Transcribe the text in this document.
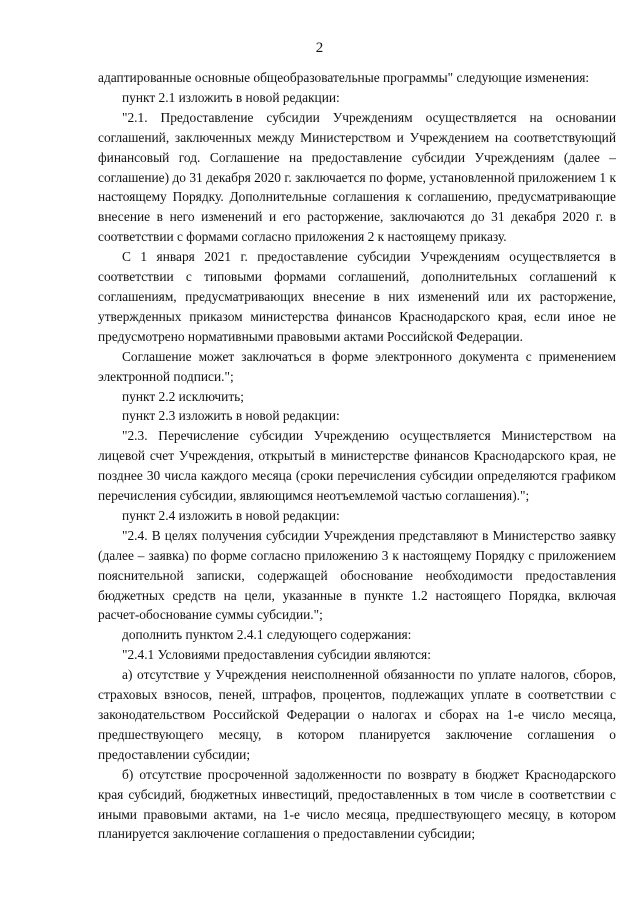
2

адаптированные основные общеобразовательные программы" следующие изменения:

пункт 2.1 изложить в новой редакции:

"2.1. Предоставление субсидии Учреждениям осуществляется на основании соглашений, заключенных между Министерством и Учреждением на соответствующий финансовый год. Соглашение на предоставление субсидии Учреждениям (далее – соглашение) до 31 декабря 2020 г. заключается по форме, установленной приложением 1 к настоящему Порядку. Дополнительные соглашения к соглашению, предусматривающие внесение в него изменений и его расторжение, заключаются до 31 декабря 2020 г. в соответствии с формами согласно приложения 2 к настоящему приказу.

С 1 января 2021 г. предоставление субсидии Учреждениям осуществляется в соответствии с типовыми формами соглашений, дополнительных соглашений к соглашениям, предусматривающих внесение в них изменений или их расторжение, утвержденных приказом министерства финансов Краснодарского края, если иное не предусмотрено нормативными правовыми актами Российской Федерации.

Соглашение может заключаться в форме электронного документа с применением электронной подписи.";

пункт 2.2 исключить;

пункт 2.3 изложить в новой редакции:

"2.3. Перечисление субсидии Учреждению осуществляется Министерством на лицевой счет Учреждения, открытый в министерстве финансов Краснодарского края, не позднее 30 числа каждого месяца (сроки перечисления субсидии определяются графиком перечисления субсидии, являющимся неотъемлемой частью соглашения).";

пункт 2.4 изложить в новой редакции:

"2.4. В целях получения субсидии Учреждения представляют в Министерство заявку (далее – заявка) по форме согласно приложению 3 к настоящему Порядку с приложением пояснительной записки, содержащей обоснование необходимости предоставления бюджетных средств на цели, указанные в пункте 1.2 настоящего Порядка, включая расчет-обоснование суммы субсидии.";

дополнить пунктом 2.4.1 следующего содержания:

"2.4.1 Условиями предоставления субсидии являются:

а) отсутствие у Учреждения неисполненной обязанности по уплате налогов, сборов, страховых взносов, пеней, штрафов, процентов, подлежащих уплате в соответствии с законодательством Российской Федерации о налогах и сборах на 1-е число месяца, предшествующего месяцу, в котором планируется заключение соглашения о предоставлении субсидии;

б) отсутствие просроченной задолженности по возврату в бюджет Краснодарского края субсидий, бюджетных инвестиций, предоставленных в том числе в соответствии с иными правовыми актами, на 1-е число месяца, предшествующего месяцу, в котором планируется заключение соглашения о предоставлении субсидии;
